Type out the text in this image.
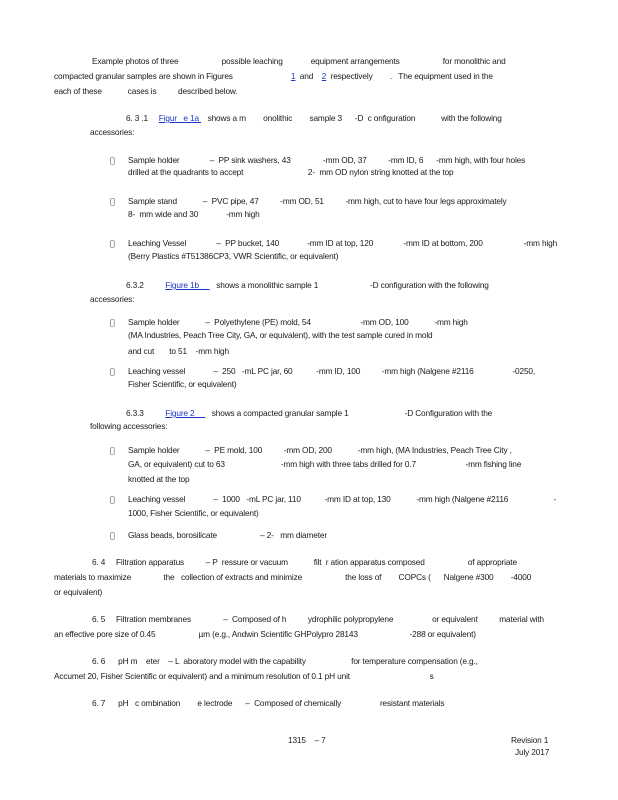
Example photos of three                    possible leaching             equipment arrangements                    for monolithic and
compacted granular samples are shown in Figures                           1  and    2  respectively        .   The equipment used in the
each of these            cases is          described below.
6. 3 .1 Figur   e 1a    shows a m        onolithic        sample 3      -D  c onfiguration            with the following
accessories:
Sample holder              –  PP sink washers, 43               -mm OD, 37          -mm ID, 6      -mm high, with four holes
drilled at the quadrants to accept                              2-  mm OD nylon string knotted at the top
Sample stand            –  PVC pipe, 47          -mm OD, 51          -mm high, cut to have four legs approximately
8-  mm wide and 30             -mm high
Leaching Vessel              –  PP bucket, 140             -mm ID at top, 120              -mm ID at bottom, 200                   -mm high
(Berry Plastics #T51386CP3, VWR Scientific, or equivalent)
6.3.2	Figure 1b        shows a monolithic sample 1                        -D configuration with the following
accessories:
Sample holder            –  Polyethylene (PE) mold, 54                       -mm OD, 100            -mm high
(MA Industries, Peach Tree City, GA, or equivalent), with the test sample cured in mold
and cut       to 51    -mm high
Leaching vessel             –  250   -mL PC jar, 60           -mm ID, 100          -mm high (Nalgene #2116                  -0250,
Fisher Scientific, or equivalent)
6.3.3	Figure 2        shows a compacted granular sample 1                          -D Configuration with the
following accessories:
Sample holder            –  PE mold, 100          -mm OD, 200            -mm high, (MA Industries, Peach Tree City ,
GA, or equivalent) cut to 63                          -mm high with three tabs drilled for 0.7                       -mm fishing line
knotted at the top
Leaching vessel             –  1000   -mL PC jar, 110           -mm ID at top, 130            -mm high (Nalgene #2116                     -
1000, Fisher Scientific, or equivalent)
Glass beads, borosilicate                    – 2-   mm diameter
6. 4     Filtration apparatus          – P  ressure or vacuum            filt  r ation apparatus composed                    of appropriate
materials to maximize               the   collection of extracts and minimize                    the loss of        COPCs (      Nalgene #300        -4000
or equivalent)
6. 5     Filtration membranes               –  Composed of h          ydrophilic polypropylene                  or equivalent          material with
an effective pore size of 0.45                    µm (e.g., Andwin Scientific GHPolypro 28143                        -288 or equivalent)
6. 6      pH m    eter    – L  aboratory model with the capability                     for temperature compensation (e.g.,
Accumet 20, Fisher Scientific or equivalent) and a minimum resolution of 0.1 pH unit                                     s
6. 7      pH   c ombination        e lectrode      –  Composed of chemically                  resistant materials
1315    – 7	Revision 1
July 2017
